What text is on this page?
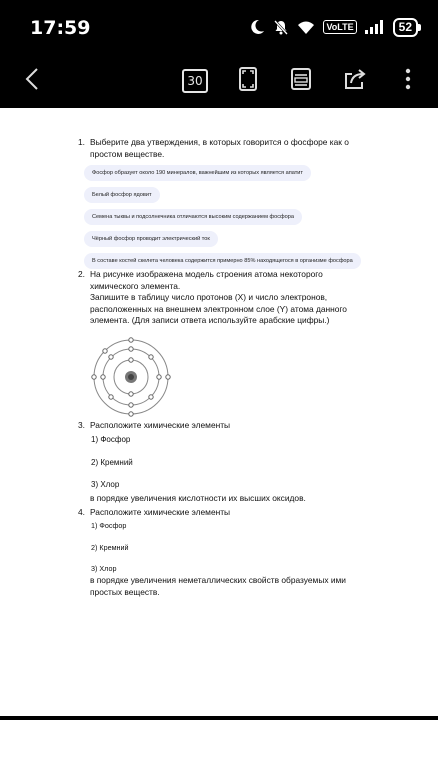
17:59	VoLTE	52
30
1. Выберите два утверждения, в которых говорится о фосфоре как о
простом веществе.
Фосфор образует около 190 минералов, важнейшим из которых является апатит
Белый фосфор ядовит
Семена тыквы и подсолнечника отличаются высоким содержанием фосфора
Чёрный фосфор проводит электрический ток
В составе костей скелета человека содержится примерно 85% находящегося в организме фосфора
2. На рисунке изображена модель строения атома некоторого
химического элемента.
Запишите в таблицу число протонов (X) и число электронов,
расположенных на внешнем электронном слое (Y) атома данного
элемента. (Для записи ответа используйте арабские цифры.)
3. Расположите химические элементы
1) Фосфор
2) Кремний
3) Хлор
в порядке увеличения кислотности их высших оксидов.
4. Расположите химические элементы
1) Фосфор
2) Кремний
3) Хлор
в порядке увеличения неметаллических свойств образуемых ими
простых веществ.
